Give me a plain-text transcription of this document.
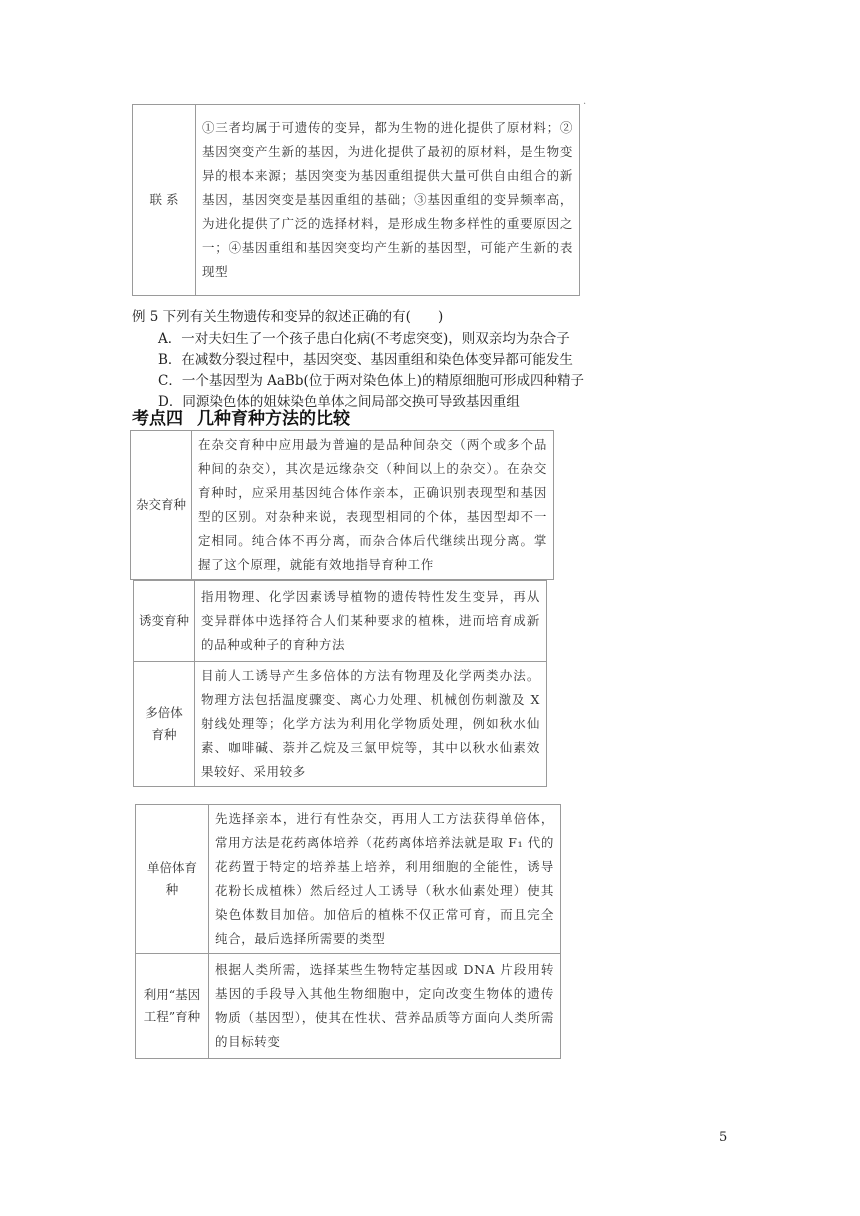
联 系	①三者均属于可遗传的变异，都为生物的进化提供了原材料；②基因突变产生新的基因，为进化提供了最初的原材料，是生物变异的根本来源；基因突变为基因重组提供大量可供自由组合的新基因，基因突变是基因重组的基础；③基因重组的变异频率高，为进化提供了广泛的选择材料，是形成生物多样性的重要原因之一；④基因重组和基因突变均产生新的基因型，可能产生新的表现型
.
例 5 下列有关生物遗传和变异的叙述正确的有(　　)
A．一对夫妇生了一个孩子患白化病(不考虑突变)，则双亲均为杂合子
B．在减数分裂过程中，基因突变、基因重组和染色体变异都可能发生
C．一个基因型为 AaBb(位于两对染色体上)的精原细胞可形成四种精子
D．同源染色体的姐妹染色单体之间局部交换可导致基因重组
考点四 几种育种方法的比较
杂交育种	在杂交育种中应用最为普遍的是品种间杂交（两个或多个品种间的杂交），其次是远缘杂交（种间以上的杂交）。在杂交育种时，应采用基因纯合体作亲本，正确识别表现型和基因型的区别。对杂种来说，表现型相同的个体，基因型却不一定相同。纯合体不再分离，而杂合体后代继续出现分离。掌握了这个原理，就能有效地指导育种工作
诱变育种	指用物理、化学因素诱导植物的遗传特性发生变异，再从变异群体中选择符合人们某种要求的植株，进而培育成新的品种或种子的育种方法
多倍体育种	目前人工诱导产生多倍体的方法有物理及化学两类办法。物理方法包括温度骤变、离心力处理、机械创伤刺激及 X 射线处理等；化学方法为利用化学物质处理，例如秋水仙素、咖啡碱、萘并乙烷及三氯甲烷等，其中以秋水仙素效果较好、采用较多
单倍体育种	先选择亲本，进行有性杂交，再用人工方法获得单倍体，常用方法是花药离体培养（花药离体培养法就是取 F₁ 代的花药置于特定的培养基上培养，利用细胞的全能性，诱导花粉长成植株）然后经过人工诱导（秋水仙素处理）使其染色体数目加倍。加倍后的植株不仅正常可育，而且完全纯合，最后选择所需要的类型
利用“基因工程”育种	根据人类所需，选择某些生物特定基因或 DNA 片段用转基因的手段导入其他生物细胞中，定向改变生物体的遗传物质（基因型），使其在性状、营养品质等方面向人类所需的目标转变
5
